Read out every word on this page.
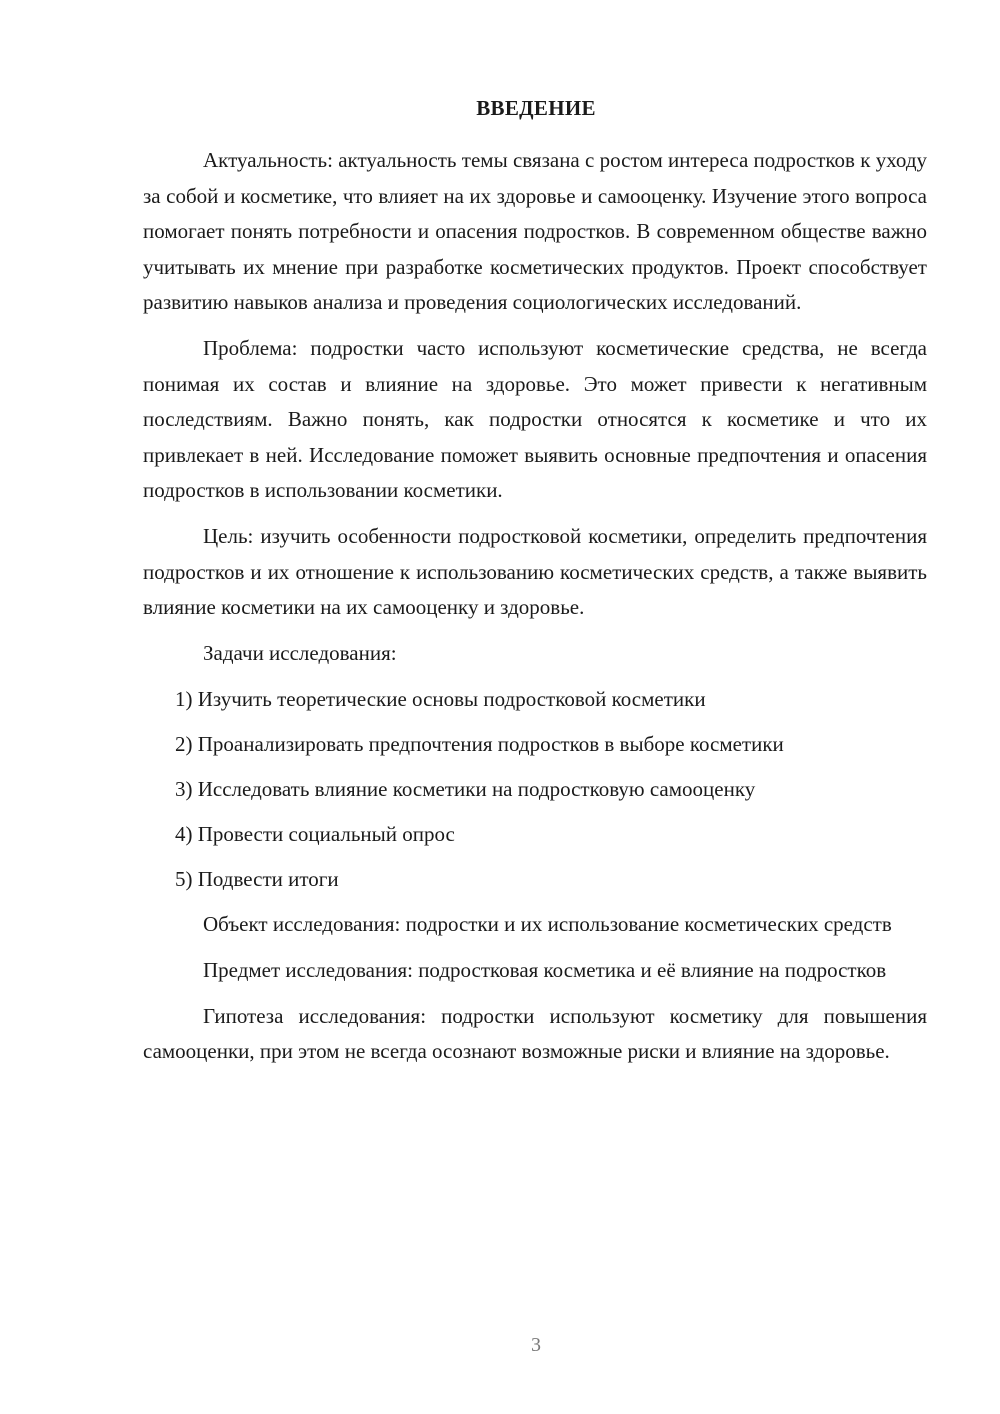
ВВЕДЕНИЕ

Актуальность: актуальность темы связана с ростом интереса подростков к уходу за собой и косметике, что влияет на их здоровье и самооценку. Изучение этого вопроса помогает понять потребности и опасения подростков. В современном обществе важно учитывать их мнение при разработке косметических продуктов. Проект способствует развитию навыков анализа и проведения социологических исследований.

Проблема: подростки часто используют косметические средства, не всегда понимая их состав и влияние на здоровье. Это может привести к негативным последствиям. Важно понять, как подростки относятся к косметике и что их привлекает в ней. Исследование поможет выявить основные предпочтения и опасения подростков в использовании косметики.

Цель: изучить особенности подростковой косметики, определить предпочтения подростков и их отношение к использованию косметических средств, а также выявить влияние косметики на их самооценку и здоровье.

Задачи исследования:

1) Изучить теоретические основы подростковой косметики

2) Проанализировать предпочтения подростков в выборе косметики

3) Исследовать влияние косметики на подростковую самооценку

4) Провести социальный опрос

5) Подвести итоги

Объект исследования: подростки и их использование косметических средств

Предмет исследования: подростковая косметика и её влияние на подростков

Гипотеза исследования: подростки используют косметику для повышения самооценки, при этом не всегда осознают возможные риски и влияние на здоровье.

3
